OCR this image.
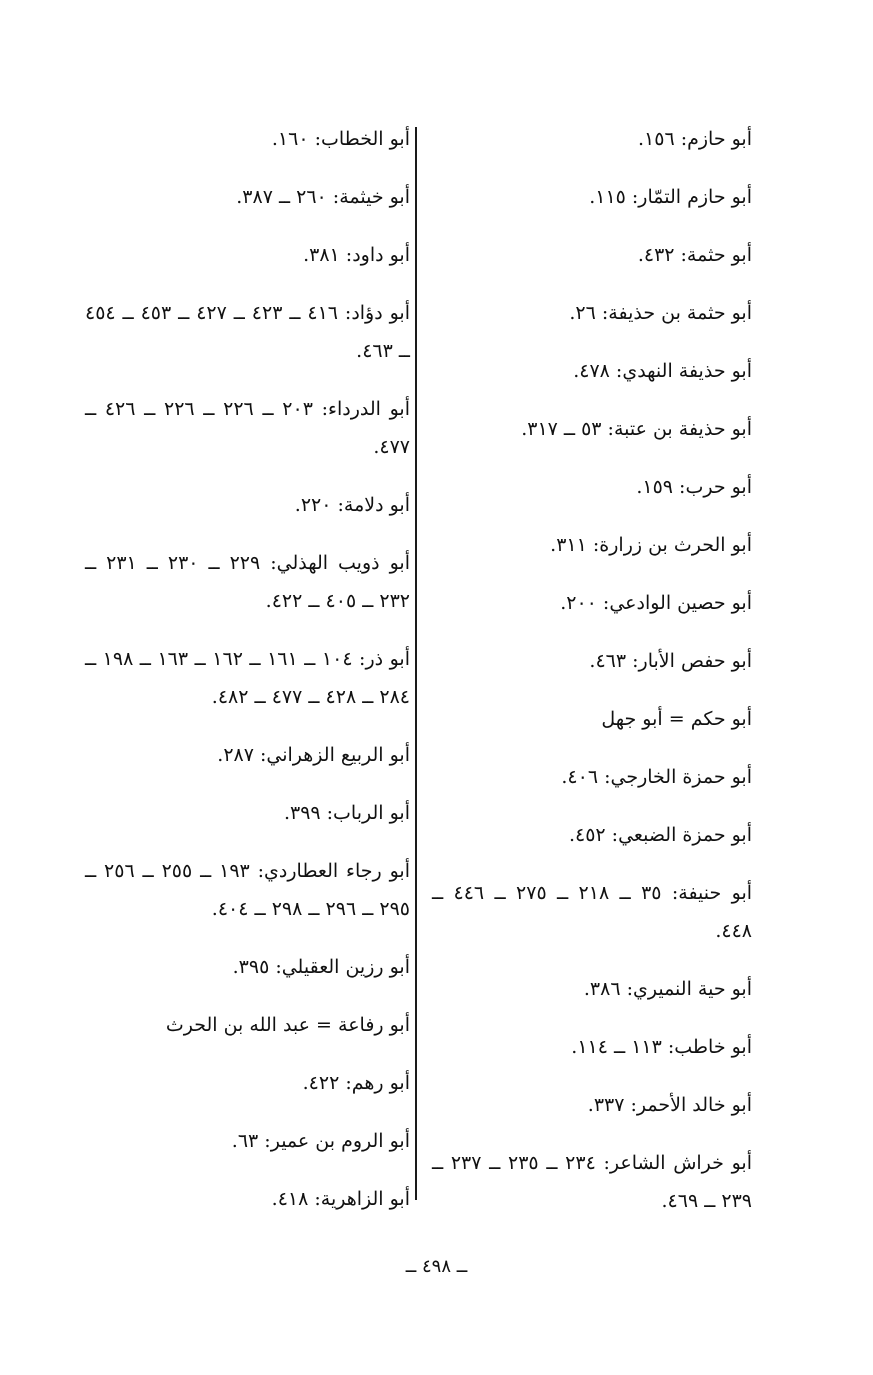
أبو حازم: ١٥٦.
أبو حازم التمّار: ١١٥.
أبو حثمة: ٤٣٢.
أبو حثمة بن حذيفة: ٢٦.
أبو حذيفة النهدي: ٤٧٨.
أبو حذيفة بن عتبة: ٥٣ ــ ٣١٧.
أبو حرب: ١٥٩.
أبو الحرث بن زرارة: ٣١١.
أبو حصين الوادعي: ٢٠٠.
أبو حفص الأبار: ٤٦٣.
أبو حكم = أبو جهل
أبو حمزة الخارجي: ٤٠٦.
أبو حمزة الضبعي: ٤٥٢.
أبو حنيفة: ٣٥ ــ ٢١٨ ــ ٢٧٥ ــ ٤٤٦ ــ ٤٤٨.
أبو حية النميري: ٣٨٦.
أبو خاطب: ١١٣ ــ ١١٤.
أبو خالد الأحمر: ٣٣٧.
أبو خراش الشاعر: ٢٣٤ ــ ٢٣٥ ــ ٢٣٧ ــ ٢٣٩ ــ ٤٦٩.
أبو الخطاب: ١٦٠.
أبو خيثمة: ٢٦٠ ــ ٣٨٧.
أبو داود: ٣٨١.
أبو دؤاد: ٤١٦ ــ ٤٢٣ ــ ٤٢٧ ــ ٤٥٣ ــ ٤٥٤ ــ ٤٦٣.
أبو الدرداء: ٢٠٣ ــ ٢٢٦ ــ ٢٢٦ ــ ٤٢٦ ــ ٤٧٧.
أبو دلامة: ٢٢٠.
أبو ذويب الهذلي: ٢٢٩ ــ ٢٣٠ ــ ٢٣١ ــ ٢٣٢ ــ ٤٠٥ ــ ٤٢٢.
أبو ذر: ١٠٤ ــ ١٦١ ــ ١٦٢ ــ ١٦٣ ــ ١٩٨ ــ ٢٨٤ ــ ٤٢٨ ــ ٤٧٧ ــ ٤٨٢.
أبو الربيع الزهراني: ٢٨٧.
أبو الرباب: ٣٩٩.
أبو رجاء العطاردي: ١٩٣ ــ ٢٥٥ ــ ٢٥٦ ــ ٢٩٥ ــ ٢٩٦ ــ ٢٩٨ ــ ٤٠٤.
أبو رزين العقيلي: ٣٩٥.
أبو رفاعة = عبد الله بن الحرث
أبو رهم: ٤٢٢.
أبو الروم بن عمير: ٦٣.
أبو الزاهرية: ٤١٨.
ــ ٤٩٨ ــ
